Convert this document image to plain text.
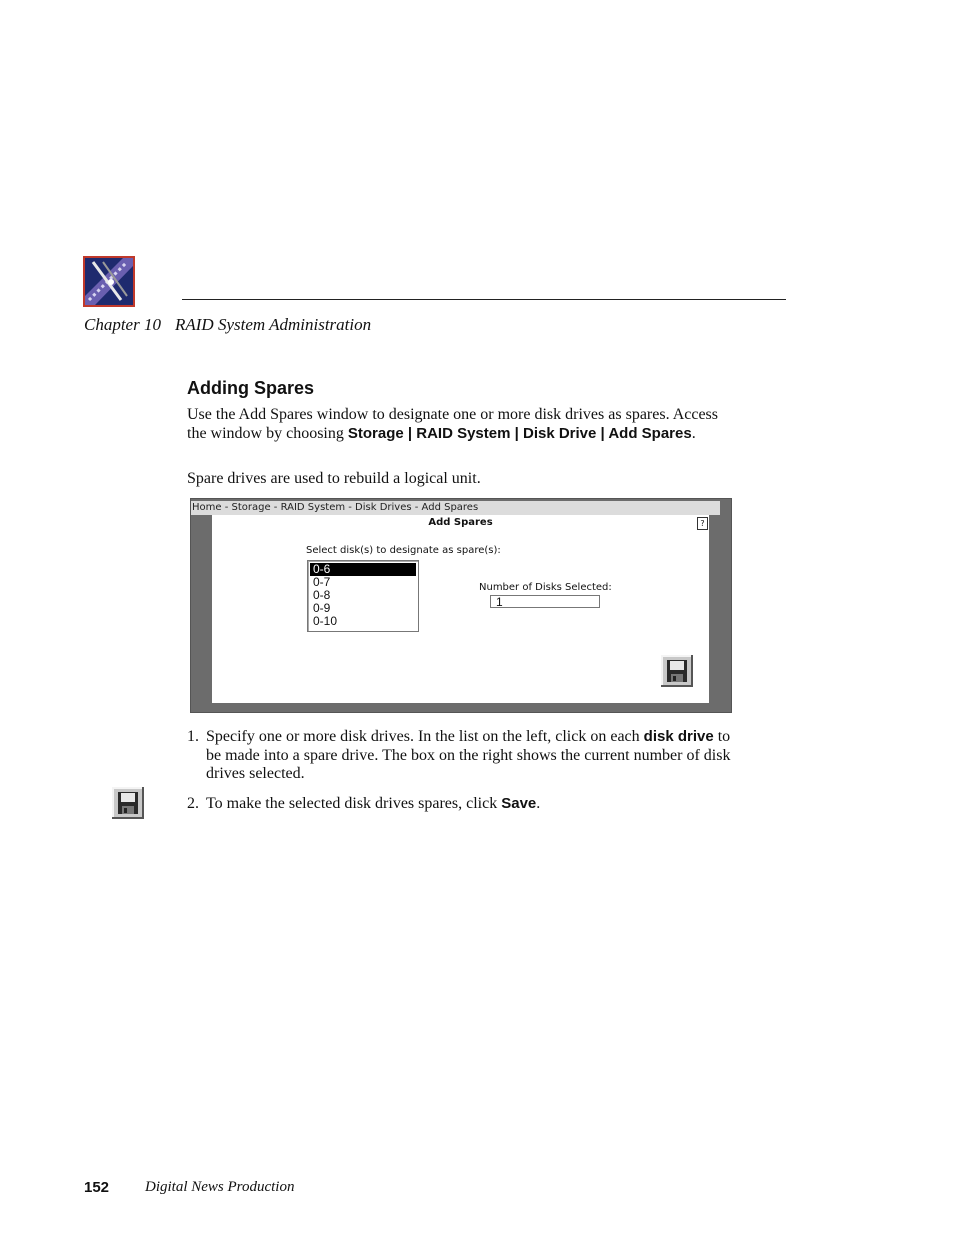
Chapter 10 RAID System Administration
Adding Spares
Use the Add Spares window to designate one or more disk drives as spares. Access the window by choosing Storage | RAID System | Disk Drive | Add Spares.
Spare drives are used to rebuild a logical unit.
Home - Storage - RAID System - Disk Drives - Add Spares
Add Spares	?
Select disk(s) to designate as spare(s):
0-6
0-7
0-8
0-9
0-10
Number of Disks Selected:
1
1. Specify one or more disk drives. In the list on the left, click on each disk drive to be made into a spare drive. The box on the right shows the current number of disk drives selected.
2. To make the selected disk drives spares, click Save.
152 Digital News Production
